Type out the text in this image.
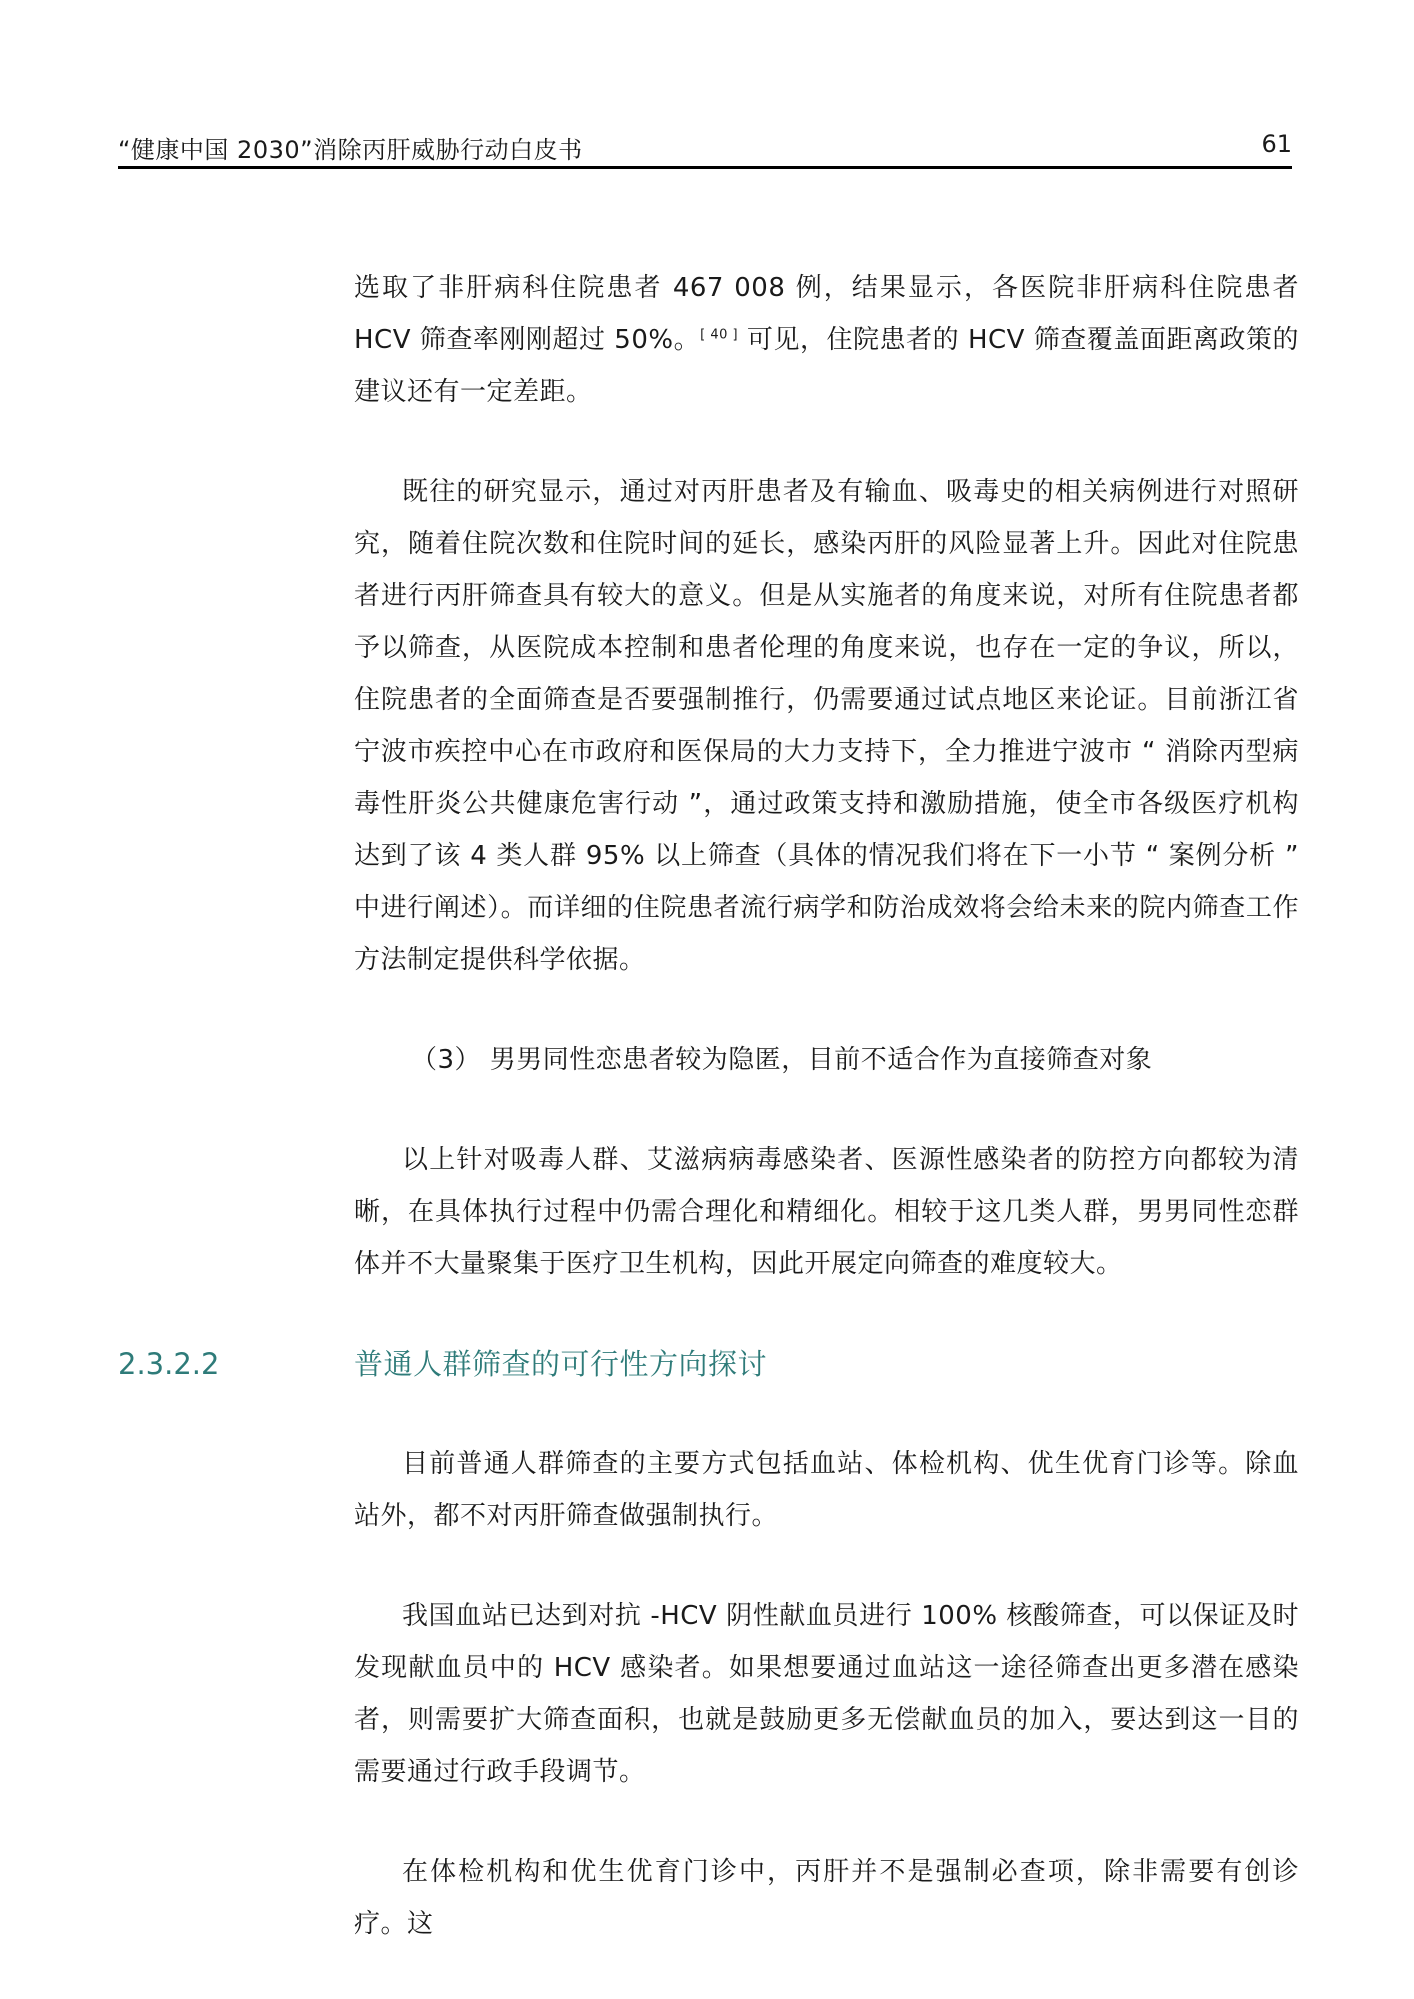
“健康中国 2030”消除丙肝威胁行动白皮书	61

选取了非肝病科住院患者 467 008 例，结果显示，各医院非肝病科住院患者 HCV 筛查率刚刚超过 50%。[ 40 ] 可见，住院患者的 HCV 筛查覆盖面距离政策的建议还有一定差距。

既往的研究显示，通过对丙肝患者及有输血、吸毒史的相关病例进行对照研究，随着住院次数和住院时间的延长，感染丙肝的风险显著上升。因此对住院患者进行丙肝筛查具有较大的意义。但是从实施者的角度来说，对所有住院患者都予以筛查，从医院成本控制和患者伦理的角度来说，也存在一定的争议，所以，住院患者的全面筛查是否要强制推行，仍需要通过试点地区来论证。目前浙江省宁波市疾控中心在市政府和医保局的大力支持下，全力推进宁波市 “ 消除丙型病毒性肝炎公共健康危害行动 ”，通过政策支持和激励措施，使全市各级医疗机构达到了该 4 类人群 95% 以上筛查（具体的情况我们将在下一小节 “ 案例分析 ” 中进行阐述）。而详细的住院患者流行病学和防治成效将会给未来的院内筛查工作方法制定提供科学依据。

（3） 男男同性恋患者较为隐匿，目前不适合作为直接筛查对象

以上针对吸毒人群、艾滋病病毒感染者、医源性感染者的防控方向都较为清晰，在具体执行过程中仍需合理化和精细化。相较于这几类人群，男男同性恋群体并不大量聚集于医疗卫生机构，因此开展定向筛查的难度较大。

2.3.2.2	普通人群筛查的可行性方向探讨

目前普通人群筛查的主要方式包括血站、体检机构、优生优育门诊等。除血站外，都不对丙肝筛查做强制执行。

我国血站已达到对抗 -HCV 阴性献血员进行 100% 核酸筛查，可以保证及时发现献血员中的 HCV 感染者。如果想要通过血站这一途径筛查出更多潜在感染者，则需要扩大筛查面积，也就是鼓励更多无偿献血员的加入，要达到这一目的需要通过行政手段调节。

在体检机构和优生优育门诊中，丙肝并不是强制必查项，除非需要有创诊疗。这
